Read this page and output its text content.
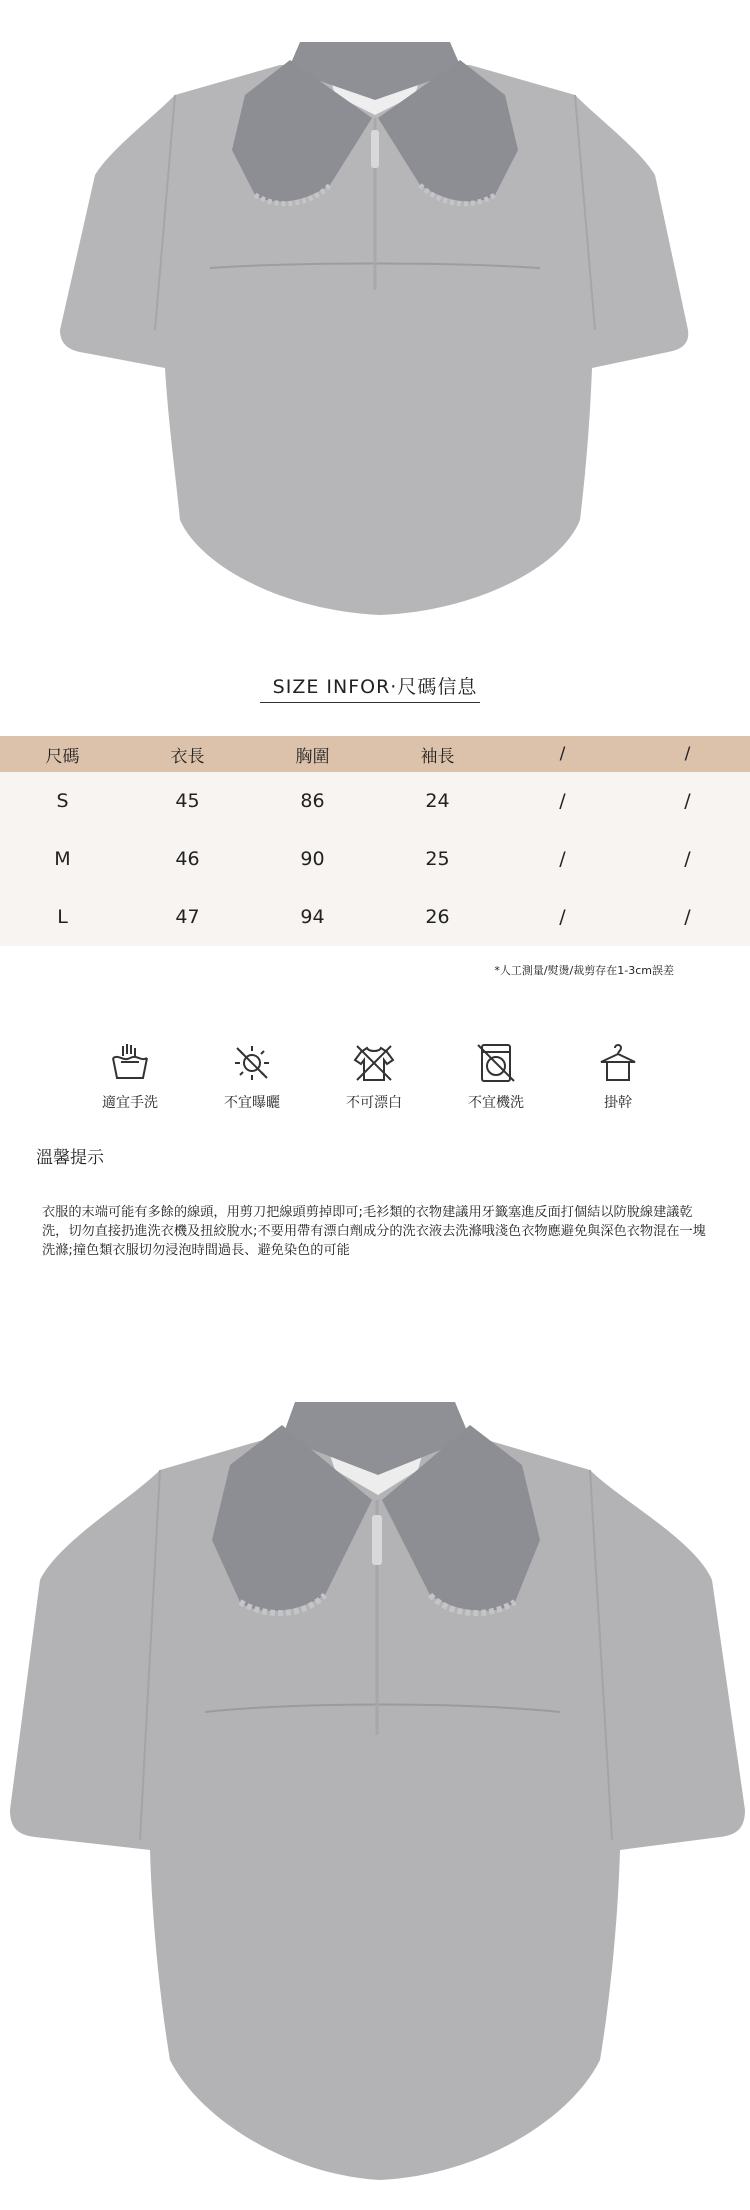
SIZE INFOR·尺碼信息
尺碼	衣長	胸圍	袖長	/	/
S	45	86	24	/	/
M	46	90	25	/	/
L	47	94	26	/	/
*人工測量/熨燙/裁剪存在1-3cm誤差
適宜手洗	不宜曝曬	不可漂白	不宜機洗	掛幹
溫馨提示
衣服的末端可能有多餘的線頭，用剪刀把線頭剪掉即可;毛衫類的衣物建議用牙籤塞進反面打個結以防脫線建議乾洗，切勿直接扔進洗衣機及扭絞脫水;不要用帶有漂白劑成分的洗衣液去洗滌哦淺色衣物應避免與深色衣物混在一塊洗滌;撞色類衣服切勿浸泡時間過長、避免染色的可能
